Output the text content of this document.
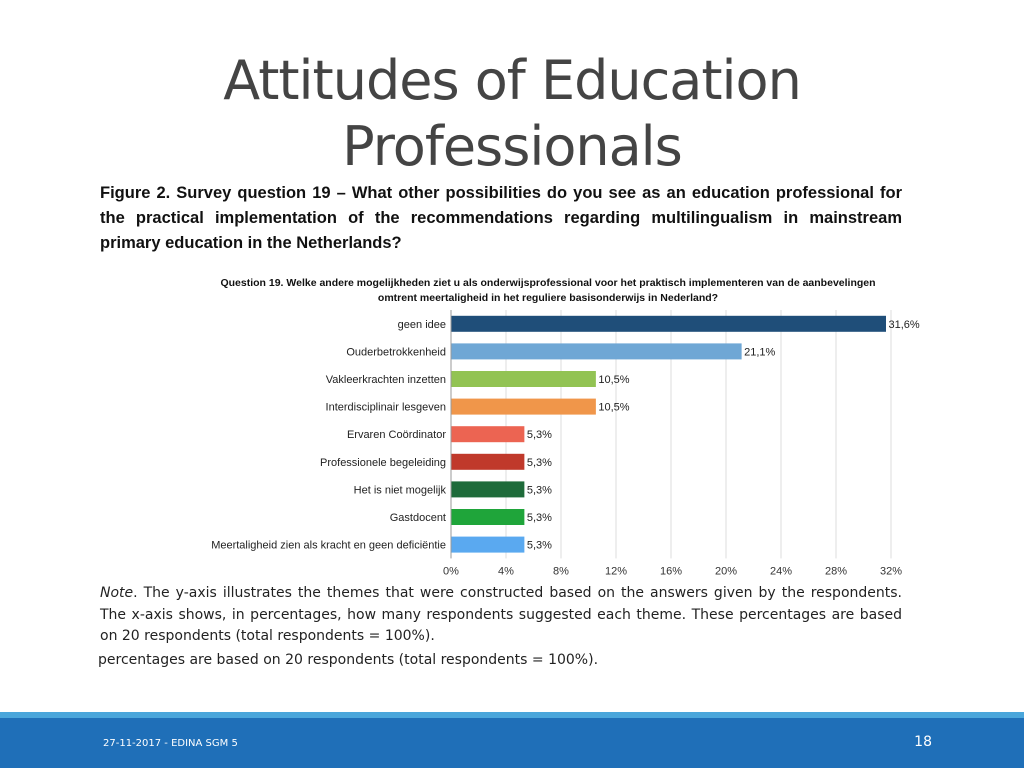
Attitudes of Education
Professionals
Figure 2. Survey question 19 – What other possibilities do you see as an education professional for the practical implementation of the recommendations regarding multilingualism in mainstream primary education in the Netherlands?
Question 19. Welke andere mogelijkheden ziet u als onderwijsprofessional voor het praktisch implementeren van de aanbevelingen
omtrent meertaligheid in het reguliere basisonderwijs in Nederland?
31,6%
21,1%
10,5%
10,5%
5,3%
5,3%
5,3%
5,3%
5,3%
0%	4%	8%	12%	16%	20%	24%	28%	32%
geen idee
Ouderbetrokkenheid
Vakleerkrachten inzetten
Interdisciplinair lesgeven
Ervaren Coördinator
Professionele begeleiding
Het is niet mogelijk
Gastdocent
Meertaligheid zien als kracht en geen deficiëntie
Note. The y-axis illustrates the themes that were constructed based on the answers given by the respondents. The x-axis shows, in percentages, how many respondents suggested each theme. These percentages are based on 20 respondents (total respondents = 100%).
percentages are based on 20 respondents (total respondents = 100%).
27-11-2017 - EDINA SGM 5	18
